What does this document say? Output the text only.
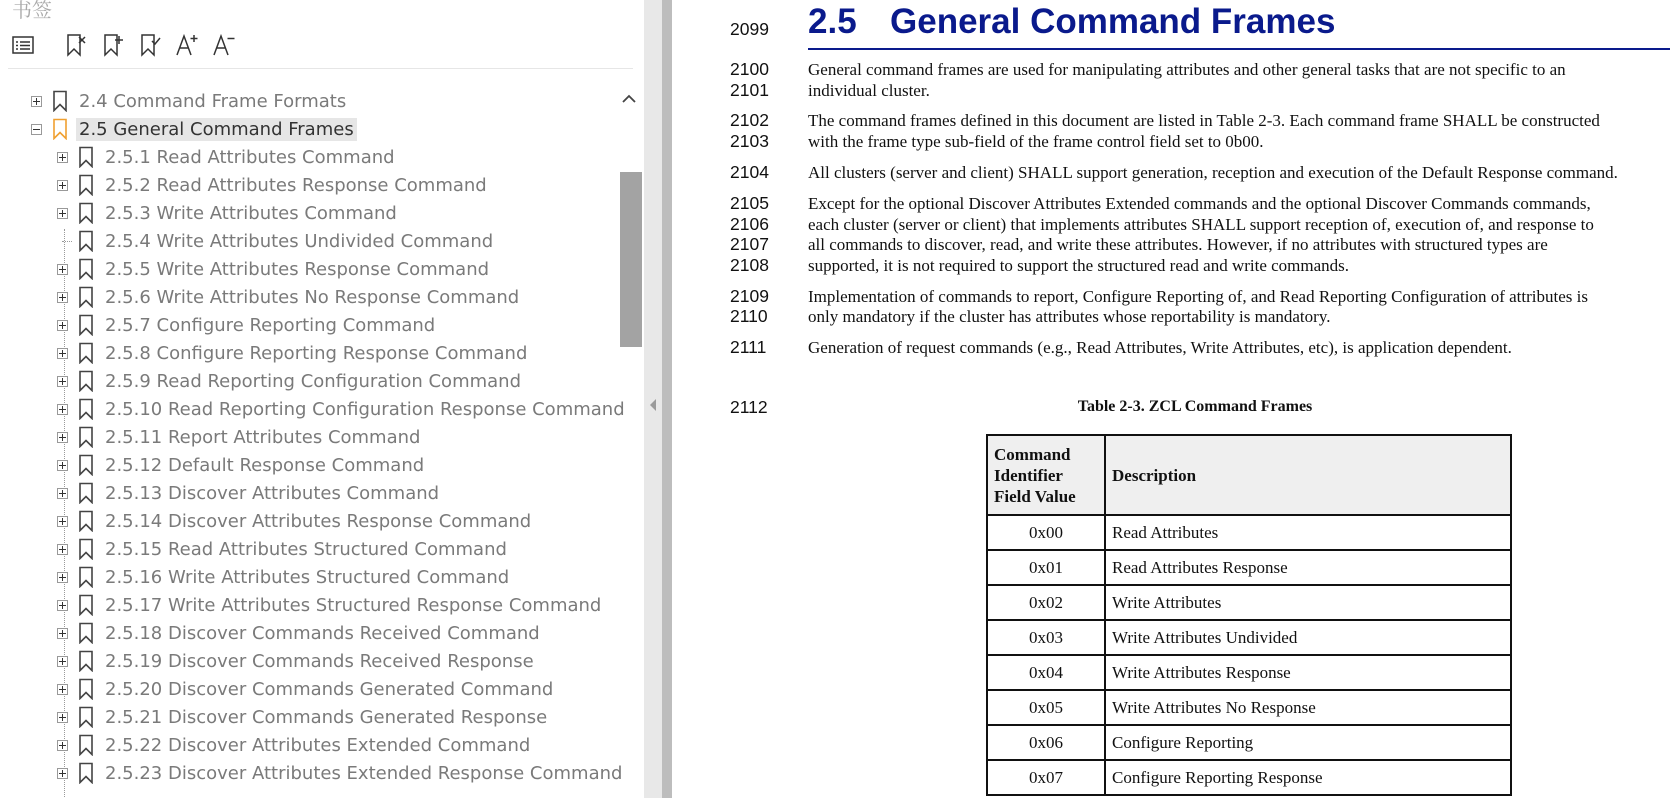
书签
2.4 Command Frame Formats
2.5 General Command Frames
2.5.1 Read Attributes Command
2.5.2 Read Attributes Response Command
2.5.3 Write Attributes Command
2.5.4 Write Attributes Undivided Command
2.5.5 Write Attributes Response Command
2.5.6 Write Attributes No Response Command
2.5.7 Configure Reporting Command
2.5.8 Configure Reporting Response Command
2.5.9 Read Reporting Configuration Command
2.5.10 Read Reporting Configuration Response Command
2.5.11 Report Attributes Command
2.5.12 Default Response Command
2.5.13 Discover Attributes Command
2.5.14 Discover Attributes Response Command
2.5.15 Read Attributes Structured Command
2.5.16 Write Attributes Structured Command
2.5.17 Write Attributes Structured Response Command
2.5.18 Discover Commands Received Command
2.5.19 Discover Commands Received Response
2.5.20 Discover Commands Generated Command
2.5.21 Discover Commands Generated Response
2.5.22 Discover Attributes Extended Command
2.5.23 Discover Attributes Extended Response Command
2099 2.5 General Command Frames
2100 General command frames are used for manipulating attributes and other general tasks that are not specific to an
2101 individual cluster.
2102 The command frames defined in this document are listed in Table 2-3. Each command frame SHALL be constructed
2103 with the frame type sub-field of the frame control field set to 0b00.
2104 All clusters (server and client) SHALL support generation, reception and execution of the Default Response command.
2105 Except for the optional Discover Attributes Extended commands and the optional Discover Commands commands,
2106 each cluster (server or client) that implements attributes SHALL support reception of, execution of, and response to
2107 all commands to discover, read, and write these attributes. However, if no attributes with structured types are
2108 supported, it is not required to support the structured read and write commands.
2109 Implementation of commands to report, Configure Reporting of, and Read Reporting Configuration of attributes is
2110 only mandatory if the cluster has attributes whose reportability is mandatory.
2111 Generation of request commands (e.g., Read Attributes, Write Attributes, etc), is application dependent.
2112	Table 2-3. ZCL Command Frames
Command Identifier Field Value	Description
0x00	Read Attributes
0x01	Read Attributes Response
0x02	Write Attributes
0x03	Write Attributes Undivided
0x04	Write Attributes Response
0x05	Write Attributes No Response
0x06	Configure Reporting
0x07	Configure Reporting Response
